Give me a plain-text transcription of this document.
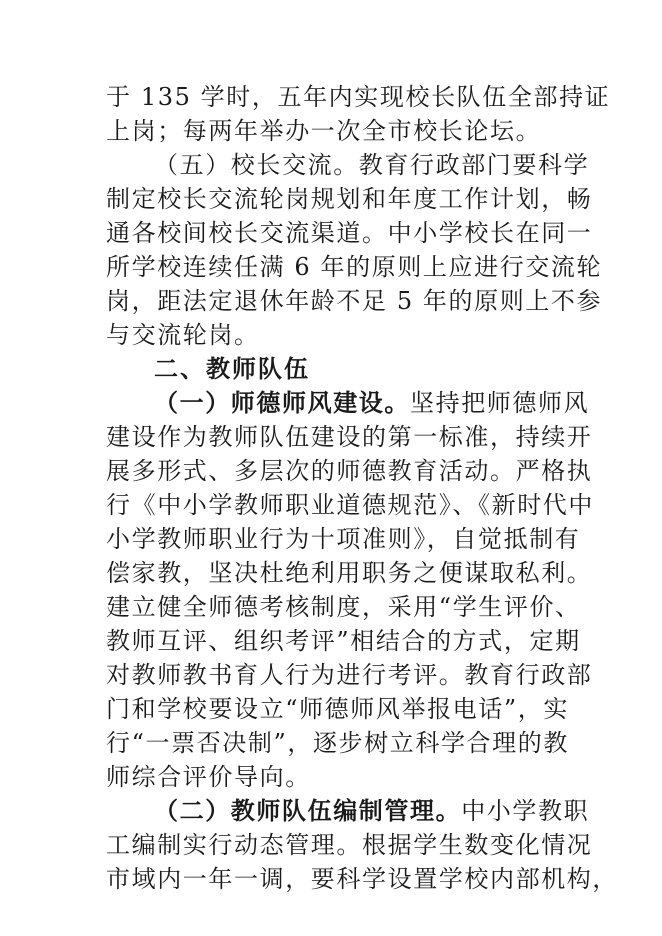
于 135 学时，五年内实现校长队伍全部持证
上岗；每两年举办一次全市校长论坛。
（五）校长交流。教育行政部门要科学
制定校长交流轮岗规划和年度工作计划，畅
通各校间校长交流渠道。中小学校长在同一
所学校连续任满 6 年的原则上应进行交流轮
岗，距法定退休年龄不足 5 年的原则上不参
与交流轮岗。
二、教师队伍
（一）师德师风建设。坚持把师德师风
建设作为教师队伍建设的第一标准，持续开
展多形式、多层次的师德教育活动。严格执
行《中小学教师职业道德规范》、《新时代中
小学教师职业行为十项准则》，自觉抵制有
偿家教，坚决杜绝利用职务之便谋取私利。
建立健全师德考核制度，采用“学生评价、
教师互评、组织考评”相结合的方式，定期
对教师教书育人行为进行考评。教育行政部
门和学校要设立“师德师风举报电话”，实
行“一票否决制”，逐步树立科学合理的教
师综合评价导向。
（二）教师队伍编制管理。中小学教职
工编制实行动态管理。根据学生数变化情况
市域内一年一调，要科学设置学校内部机构，
